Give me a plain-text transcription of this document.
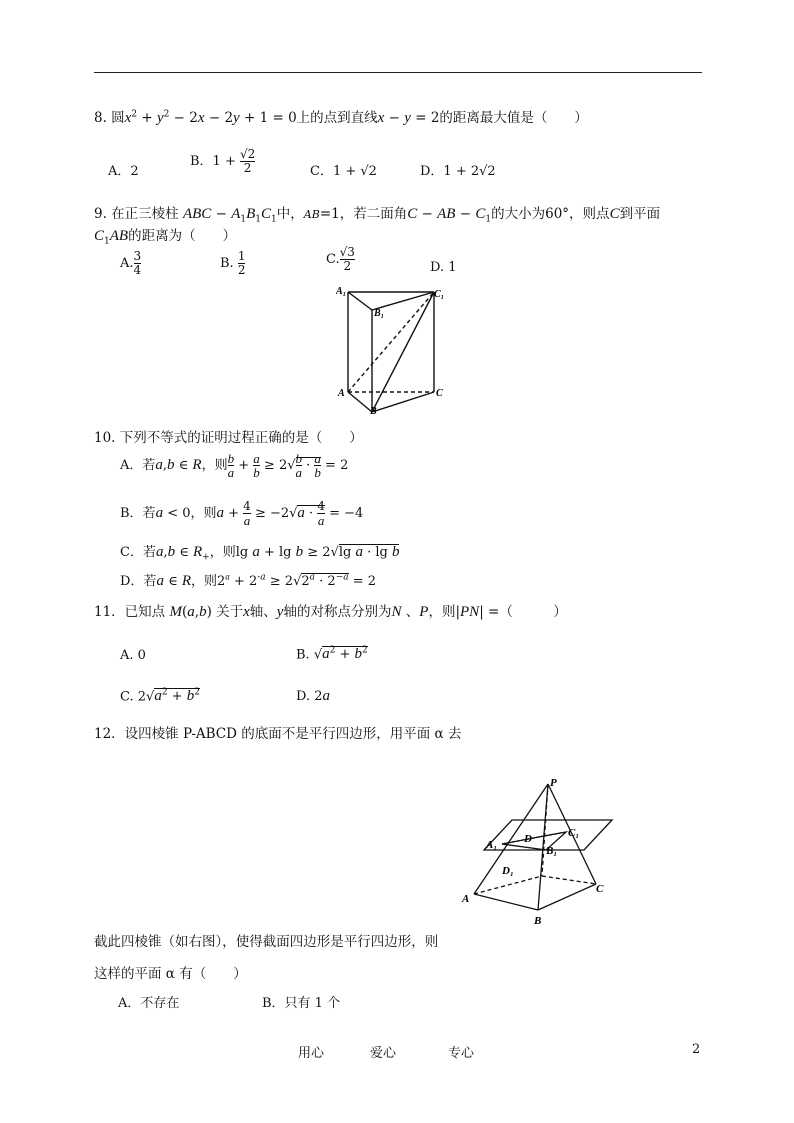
8. 圆$x^2 + y^2 - 2x - 2y + 1 = 0$上的点到直线x − y = 2的距离最大值是（　　）
A．2
B．$1 + \frac{√2}{2}$	C．1 + √2	D．1 + 2√2
9. 在正三棱柱 ABC − $A_1B_1C_1$中，AB=1，若二面角C − AB − $C_1$的大小为60°，则点C到平面
$C_1AB$的距离为（　　）
A. $\frac{3}{4}$	B. $\frac{1}{2}$	C. $\frac{√3}{2}$	D. 1
A₁
B₁
C₁
A
B
C
10. 下列不等式的证明过程正确的是（　　）
A．若a,b ∈ R，则 $\frac{b}{a} + \frac{a}{b} \ge 2√ \frac{b}{a} \cdot \frac{a}{b} = 2$
B．若a < 0，则$a + \frac{4}{a} \ge -2√a \cdot \frac{4}{a} = -4$
C．若a,b ∈ $R_+$，则lg a + lg b ≥ 2√lg a · lg b
D．若a ∈ R，则$2^a + 2^{-a} \ge 2√2^a \cdot 2^{-a} = 2$
11．已知点 M(a,b) 关于x轴、y轴的对称点分别为N 、P，则|PN| =（　　　）
A. 0	B. $√a^2 + b^2$
C. $2√a^2 + b^2$	D. 2a
12．设四棱锥 P-ABCD 的底面不是平行四边形，用平面 α 去
P
A₁ D	C₁
B₁
D₁
A
B
C
截此四棱锥（如右图），使得截面四边形是平行四边形，则
这样的平面 α 有（　　）
A．不存在	B．只有 1 个
用心	爱心	专心	2
